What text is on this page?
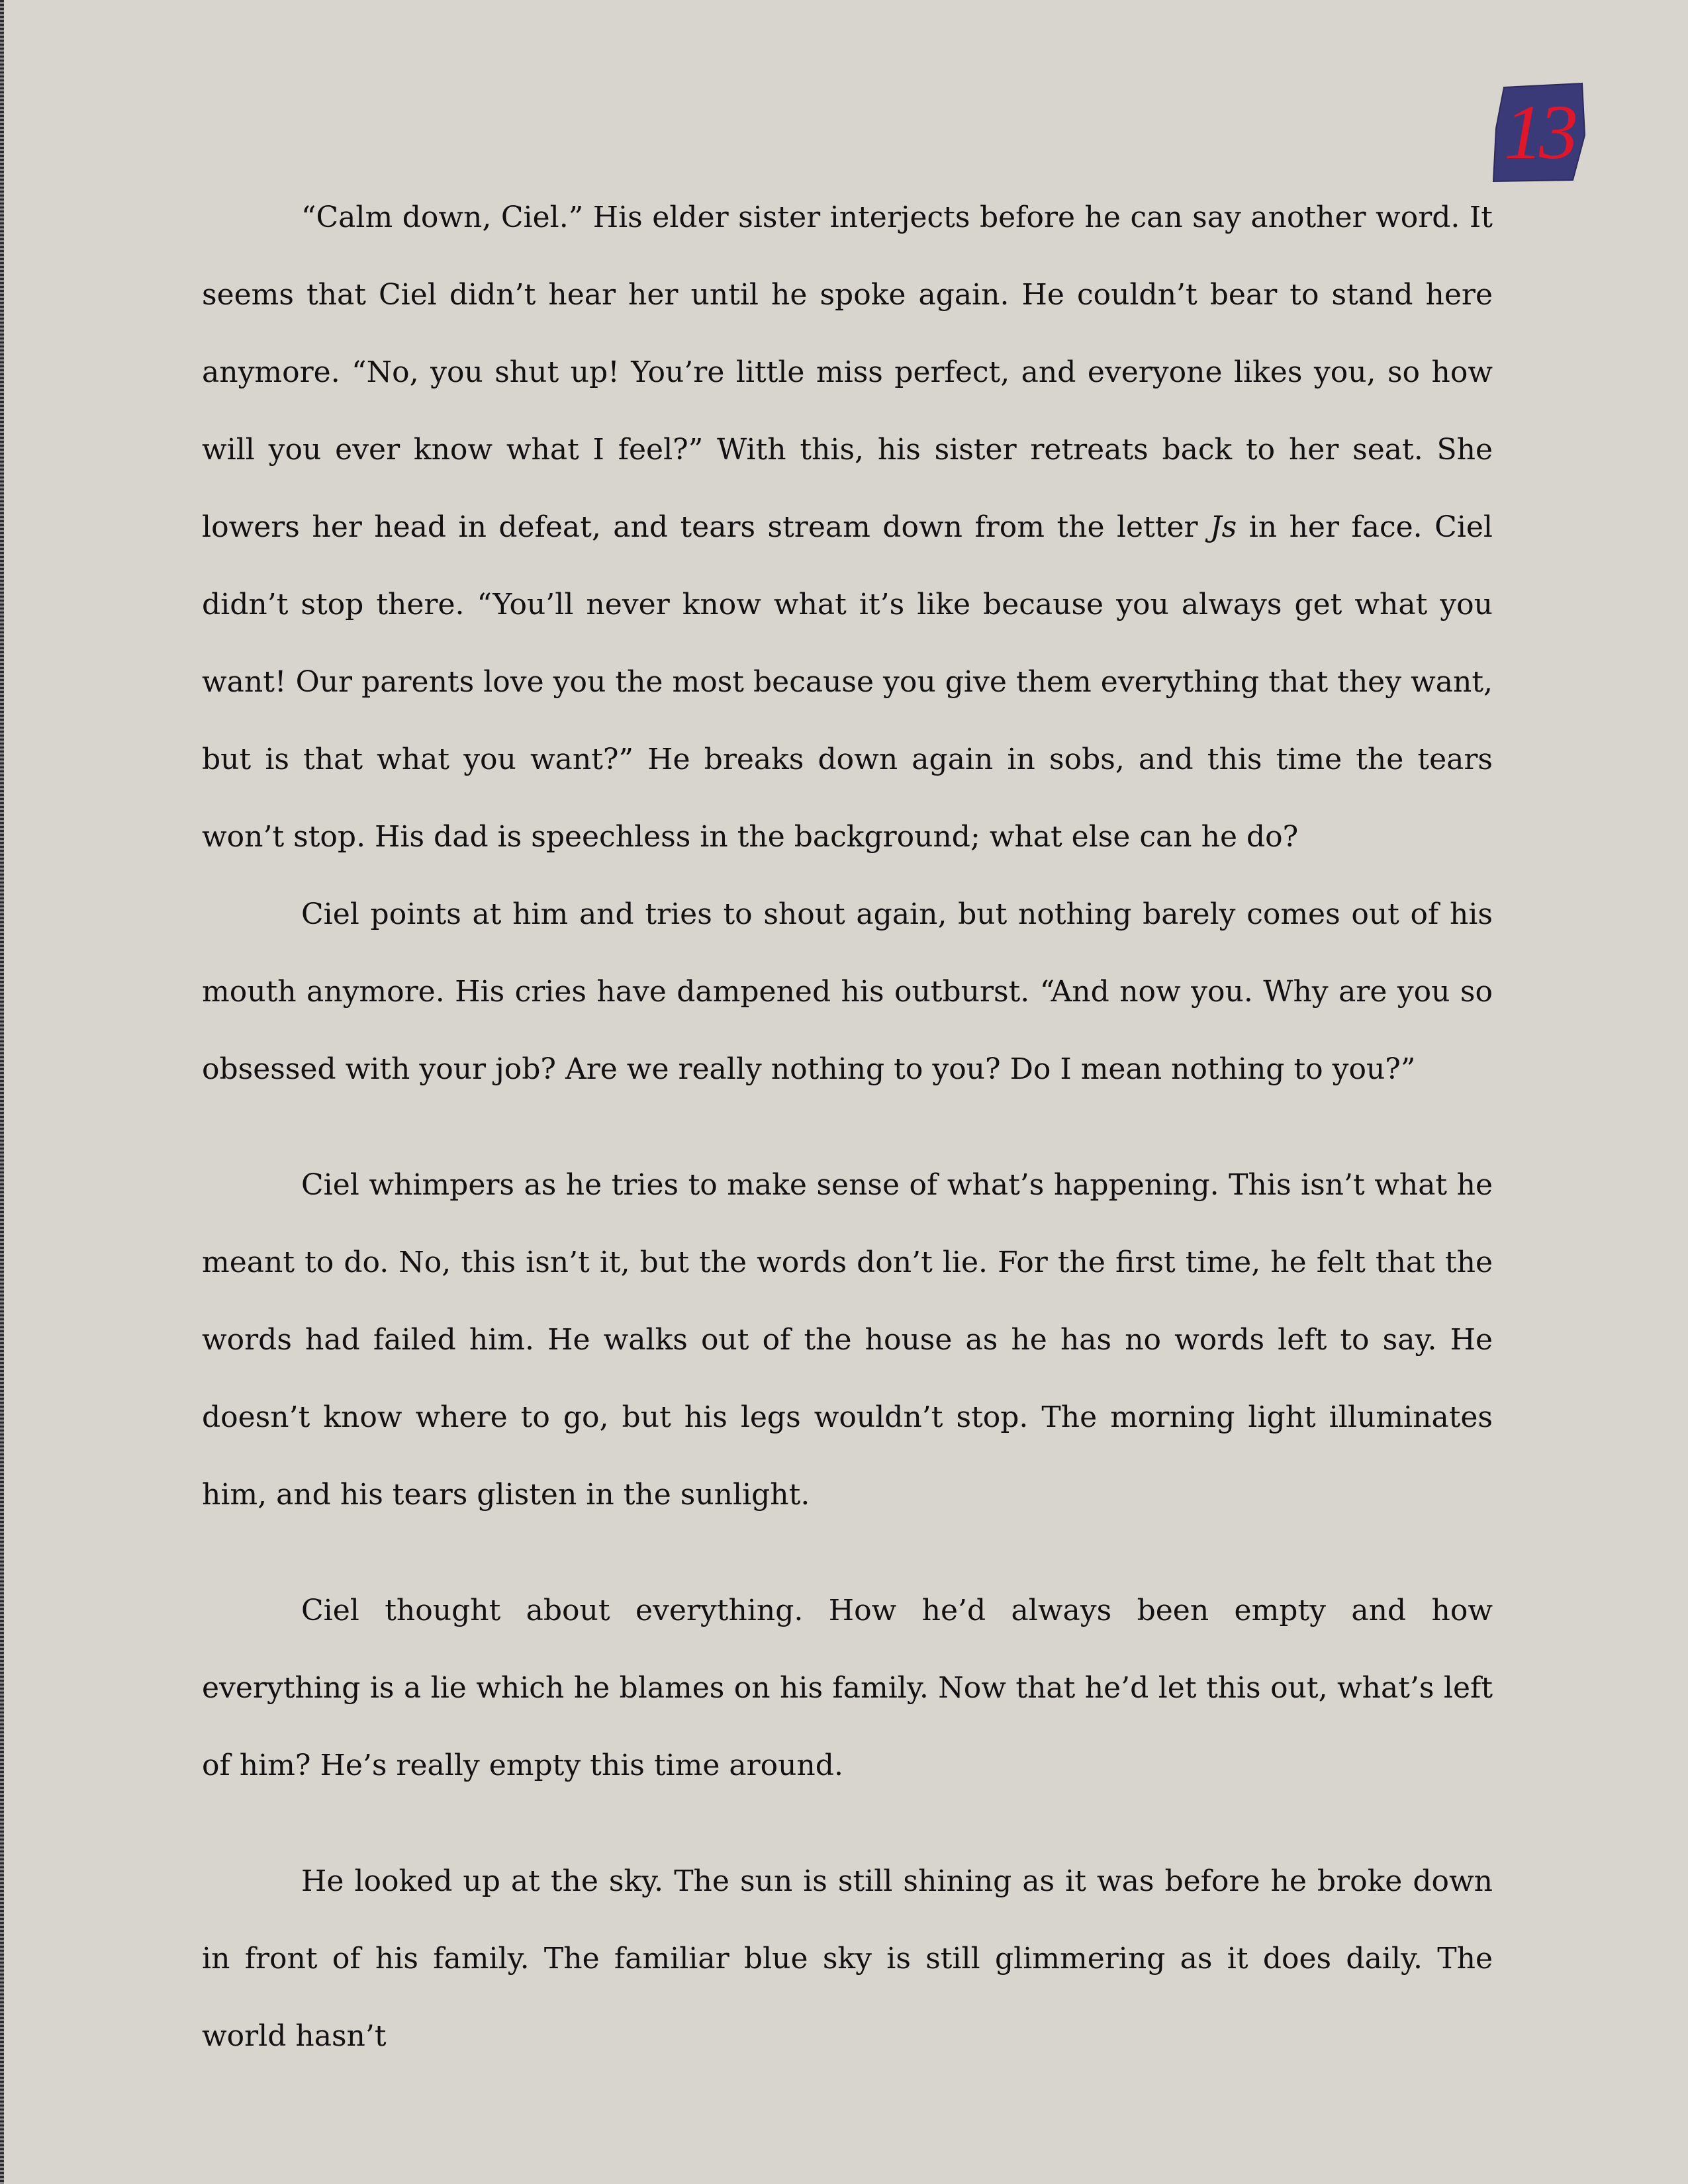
13

“Calm down, Ciel.” His elder sister interjects before he can say another word. It seems that Ciel didn’t hear her until he spoke again. He couldn’t bear to stand here anymore. “No, you shut up! You’re little miss perfect, and everyone likes you, so how will you ever know what I feel?” With this, his sister retreats back to her seat. She lowers her head in defeat, and tears stream down from the letter Js in her face. Ciel didn’t stop there. “You’ll never know what it’s like because you always get what you want! Our parents love you the most because you give them everything that they want, but is that what you want?” He breaks down again in sobs, and this time the tears won’t stop. His dad is speechless in the background; what else can he do?

Ciel points at him and tries to shout again, but nothing barely comes out of his mouth anymore. His cries have dampened his outburst. “And now you. Why are you so obsessed with your job? Are we really nothing to you? Do I mean nothing to you?”

Ciel whimpers as he tries to make sense of what’s happening. This isn’t what he meant to do. No, this isn’t it, but the words don’t lie. For the first time, he felt that the words had failed him. He walks out of the house as he has no words left to say. He doesn’t know where to go, but his legs wouldn’t stop. The morning light illuminates him, and his tears glisten in the sunlight.

Ciel thought about everything. How he’d always been empty and how everything is a lie which he blames on his family. Now that he’d let this out, what’s left of him? He’s really empty this time around.

He looked up at the sky. The sun is still shining as it was before he broke down in front of his family. The familiar blue sky is still glimmering as it does daily. The world hasn’t
